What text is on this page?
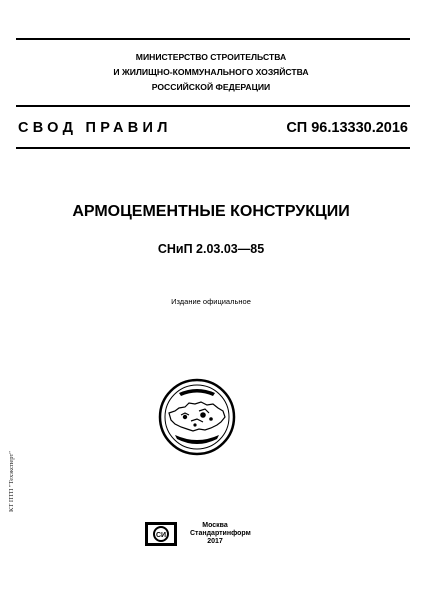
МИНИСТЕРСТВО СТРОИТЕЛЬСТВА
И ЖИЛИЩНО-КОММУНАЛЬНОГО ХОЗЯЙСТВА
РОССИЙСКОЙ ФЕДЕРАЦИИ
СВОД ПРАВИЛ	СП 96.13330.2016
АРМОЦЕМЕНТНЫЕ КОНСТРУКЦИИ
СНиП 2.03.03—85
Издание официальное
СИ
Москва
Стандартинформ
2017
КТ ПТП "Техэксперт"
